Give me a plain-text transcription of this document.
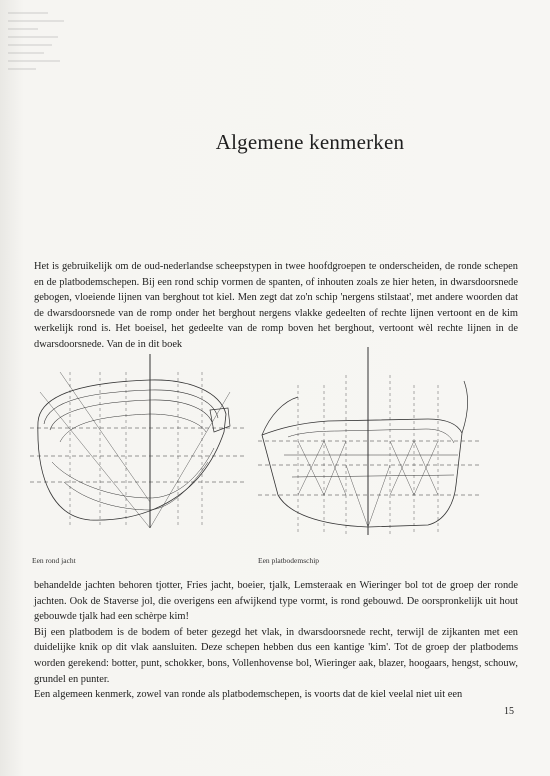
Algemene kenmerken

Het is gebruikelijk om de oud-nederlandse scheepstypen in twee hoofdgroepen te onderscheiden, de ronde schepen en de platbodemschepen. Bij een rond schip vormen de spanten, of inhouten zoals ze hier heten, in dwarsdoorsnede gebogen, vloeiende lijnen van berghout tot kiel. Men zegt dat zo'n schip 'nergens stilstaat', met andere woorden dat de dwarsdoorsnede van de romp onder het berghout nergens vlakke gedeelten of rechte lijnen vertoont en de kim werkelijk rond is. Het boeisel, het gedeelte van de romp boven het berghout, vertoont wèl rechte lijnen in de dwarsdoorsnede. Van de in dit boek

Een rond jacht	Een platbodemschip

behandelde jachten behoren tjotter, Fries jacht, boeier, tjalk, Lemsteraak en Wieringer bol tot de groep der ronde jachten. Ook de Staverse jol, die overigens een afwijkend type vormt, is rond gebouwd. De oorspronkelijk uit hout gebouwde tjalk had een schèrpe kim!

Bij een platbodem is de bodem of beter gezegd het vlak, in dwarsdoorsnede recht, terwijl de zijkanten met een duidelijke knik op dit vlak aansluiten. Deze schepen hebben dus een kantige 'kim'. Tot de groep der platbodems worden gerekend: botter, punt, schokker, bons, Vollenhovense bol, Wieringer aak, blazer, hoogaars, hengst, schouw, grundel en punter.

Een algemeen kenmerk, zowel van ronde als platbodemschepen, is voorts dat de kiel veelal niet uit een

15
